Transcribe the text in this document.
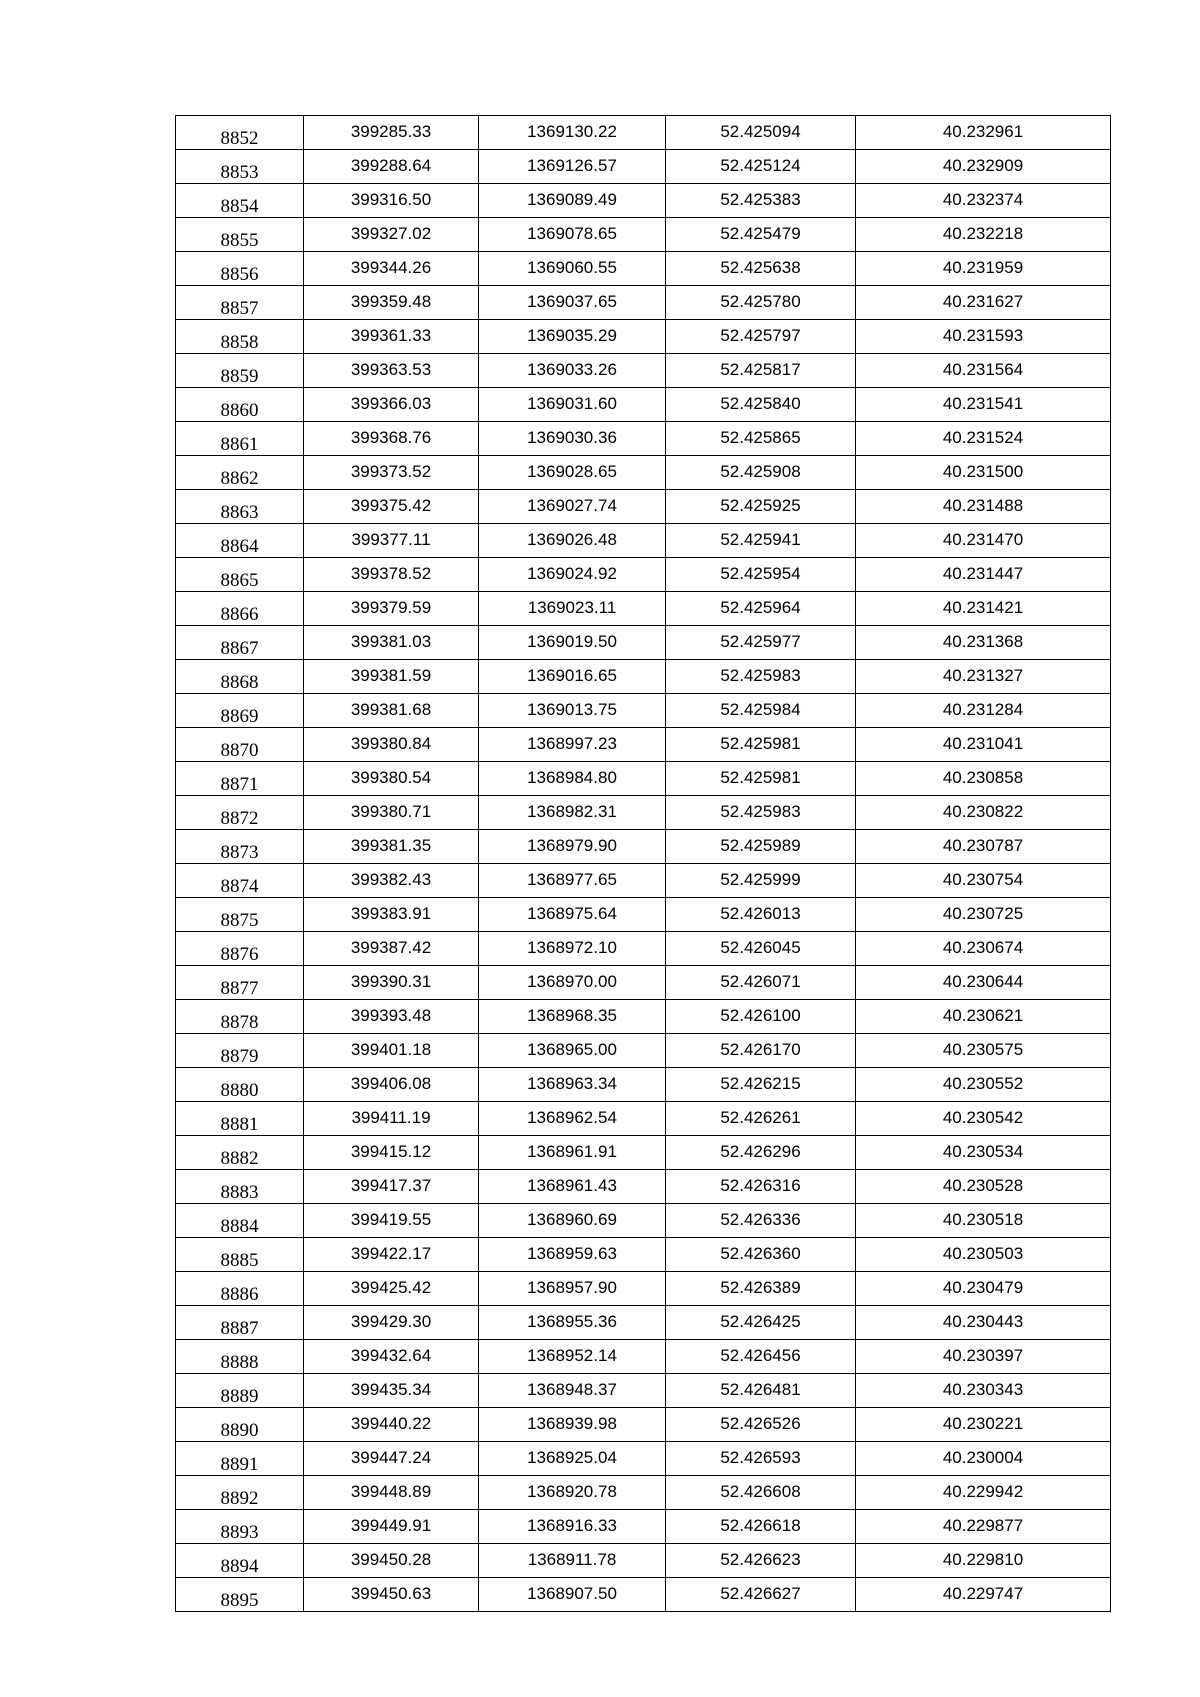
8852	399285.33	1369130.22	52.425094	40.232961
8853	399288.64	1369126.57	52.425124	40.232909
8854	399316.50	1369089.49	52.425383	40.232374
8855	399327.02	1369078.65	52.425479	40.232218
8856	399344.26	1369060.55	52.425638	40.231959
8857	399359.48	1369037.65	52.425780	40.231627
8858	399361.33	1369035.29	52.425797	40.231593
8859	399363.53	1369033.26	52.425817	40.231564
8860	399366.03	1369031.60	52.425840	40.231541
8861	399368.76	1369030.36	52.425865	40.231524
8862	399373.52	1369028.65	52.425908	40.231500
8863	399375.42	1369027.74	52.425925	40.231488
8864	399377.11	1369026.48	52.425941	40.231470
8865	399378.52	1369024.92	52.425954	40.231447
8866	399379.59	1369023.11	52.425964	40.231421
8867	399381.03	1369019.50	52.425977	40.231368
8868	399381.59	1369016.65	52.425983	40.231327
8869	399381.68	1369013.75	52.425984	40.231284
8870	399380.84	1368997.23	52.425981	40.231041
8871	399380.54	1368984.80	52.425981	40.230858
8872	399380.71	1368982.31	52.425983	40.230822
8873	399381.35	1368979.90	52.425989	40.230787
8874	399382.43	1368977.65	52.425999	40.230754
8875	399383.91	1368975.64	52.426013	40.230725
8876	399387.42	1368972.10	52.426045	40.230674
8877	399390.31	1368970.00	52.426071	40.230644
8878	399393.48	1368968.35	52.426100	40.230621
8879	399401.18	1368965.00	52.426170	40.230575
8880	399406.08	1368963.34	52.426215	40.230552
8881	399411.19	1368962.54	52.426261	40.230542
8882	399415.12	1368961.91	52.426296	40.230534
8883	399417.37	1368961.43	52.426316	40.230528
8884	399419.55	1368960.69	52.426336	40.230518
8885	399422.17	1368959.63	52.426360	40.230503
8886	399425.42	1368957.90	52.426389	40.230479
8887	399429.30	1368955.36	52.426425	40.230443
8888	399432.64	1368952.14	52.426456	40.230397
8889	399435.34	1368948.37	52.426481	40.230343
8890	399440.22	1368939.98	52.426526	40.230221
8891	399447.24	1368925.04	52.426593	40.230004
8892	399448.89	1368920.78	52.426608	40.229942
8893	399449.91	1368916.33	52.426618	40.229877
8894	399450.28	1368911.78	52.426623	40.229810
8895	399450.63	1368907.50	52.426627	40.229747
